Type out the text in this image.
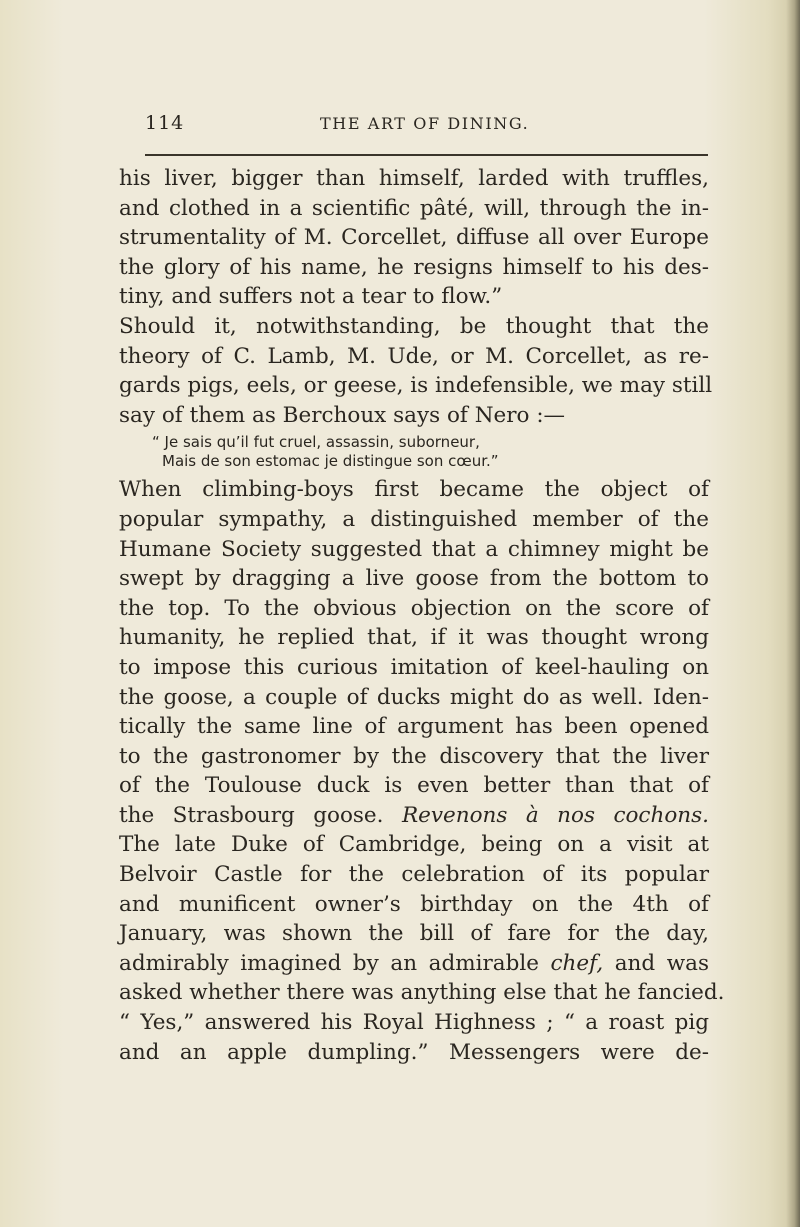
114	THE ART OF DINING.
his liver, bigger than himself, larded with truffles,
and clothed in a scientific pâté, will, through the in-
strumentality of M. Corcellet, diffuse all over Europe
the glory of his name, he resigns himself to his des-
tiny, and suffers not a tear to flow.”
Should it, notwithstanding, be thought that the
theory of C. Lamb, M. Ude, or M. Corcellet, as re-
gards pigs, eels, or geese, is indefensible, we may still
say of them as Berchoux says of Nero :—
“ Je sais qu’il fut cruel, assassin, suborneur,
Mais de son estomac je distingue son cœur.”
When climbing-boys first became the object of
popular sympathy, a distinguished member of the
Humane Society suggested that a chimney might be
swept by dragging a live goose from the bottom to
the top. To the obvious objection on the score of
humanity, he replied that, if it was thought wrong
to impose this curious imitation of keel-hauling on
the goose, a couple of ducks might do as well. Iden-
tically the same line of argument has been opened
to the gastronomer by the discovery that the liver
of the Toulouse duck is even better than that of
the Strasbourg goose. Revenons à nos cochons.
The late Duke of Cambridge, being on a visit at
Belvoir Castle for the celebration of its popular
and munificent owner’s birthday on the 4th of
January, was shown the bill of fare for the day,
admirably imagined by an admirable chef, and was
asked whether there was anything else that he fancied.
“ Yes,” answered his Royal Highness ; “ a roast pig
and an apple dumpling.” Messengers were de-
